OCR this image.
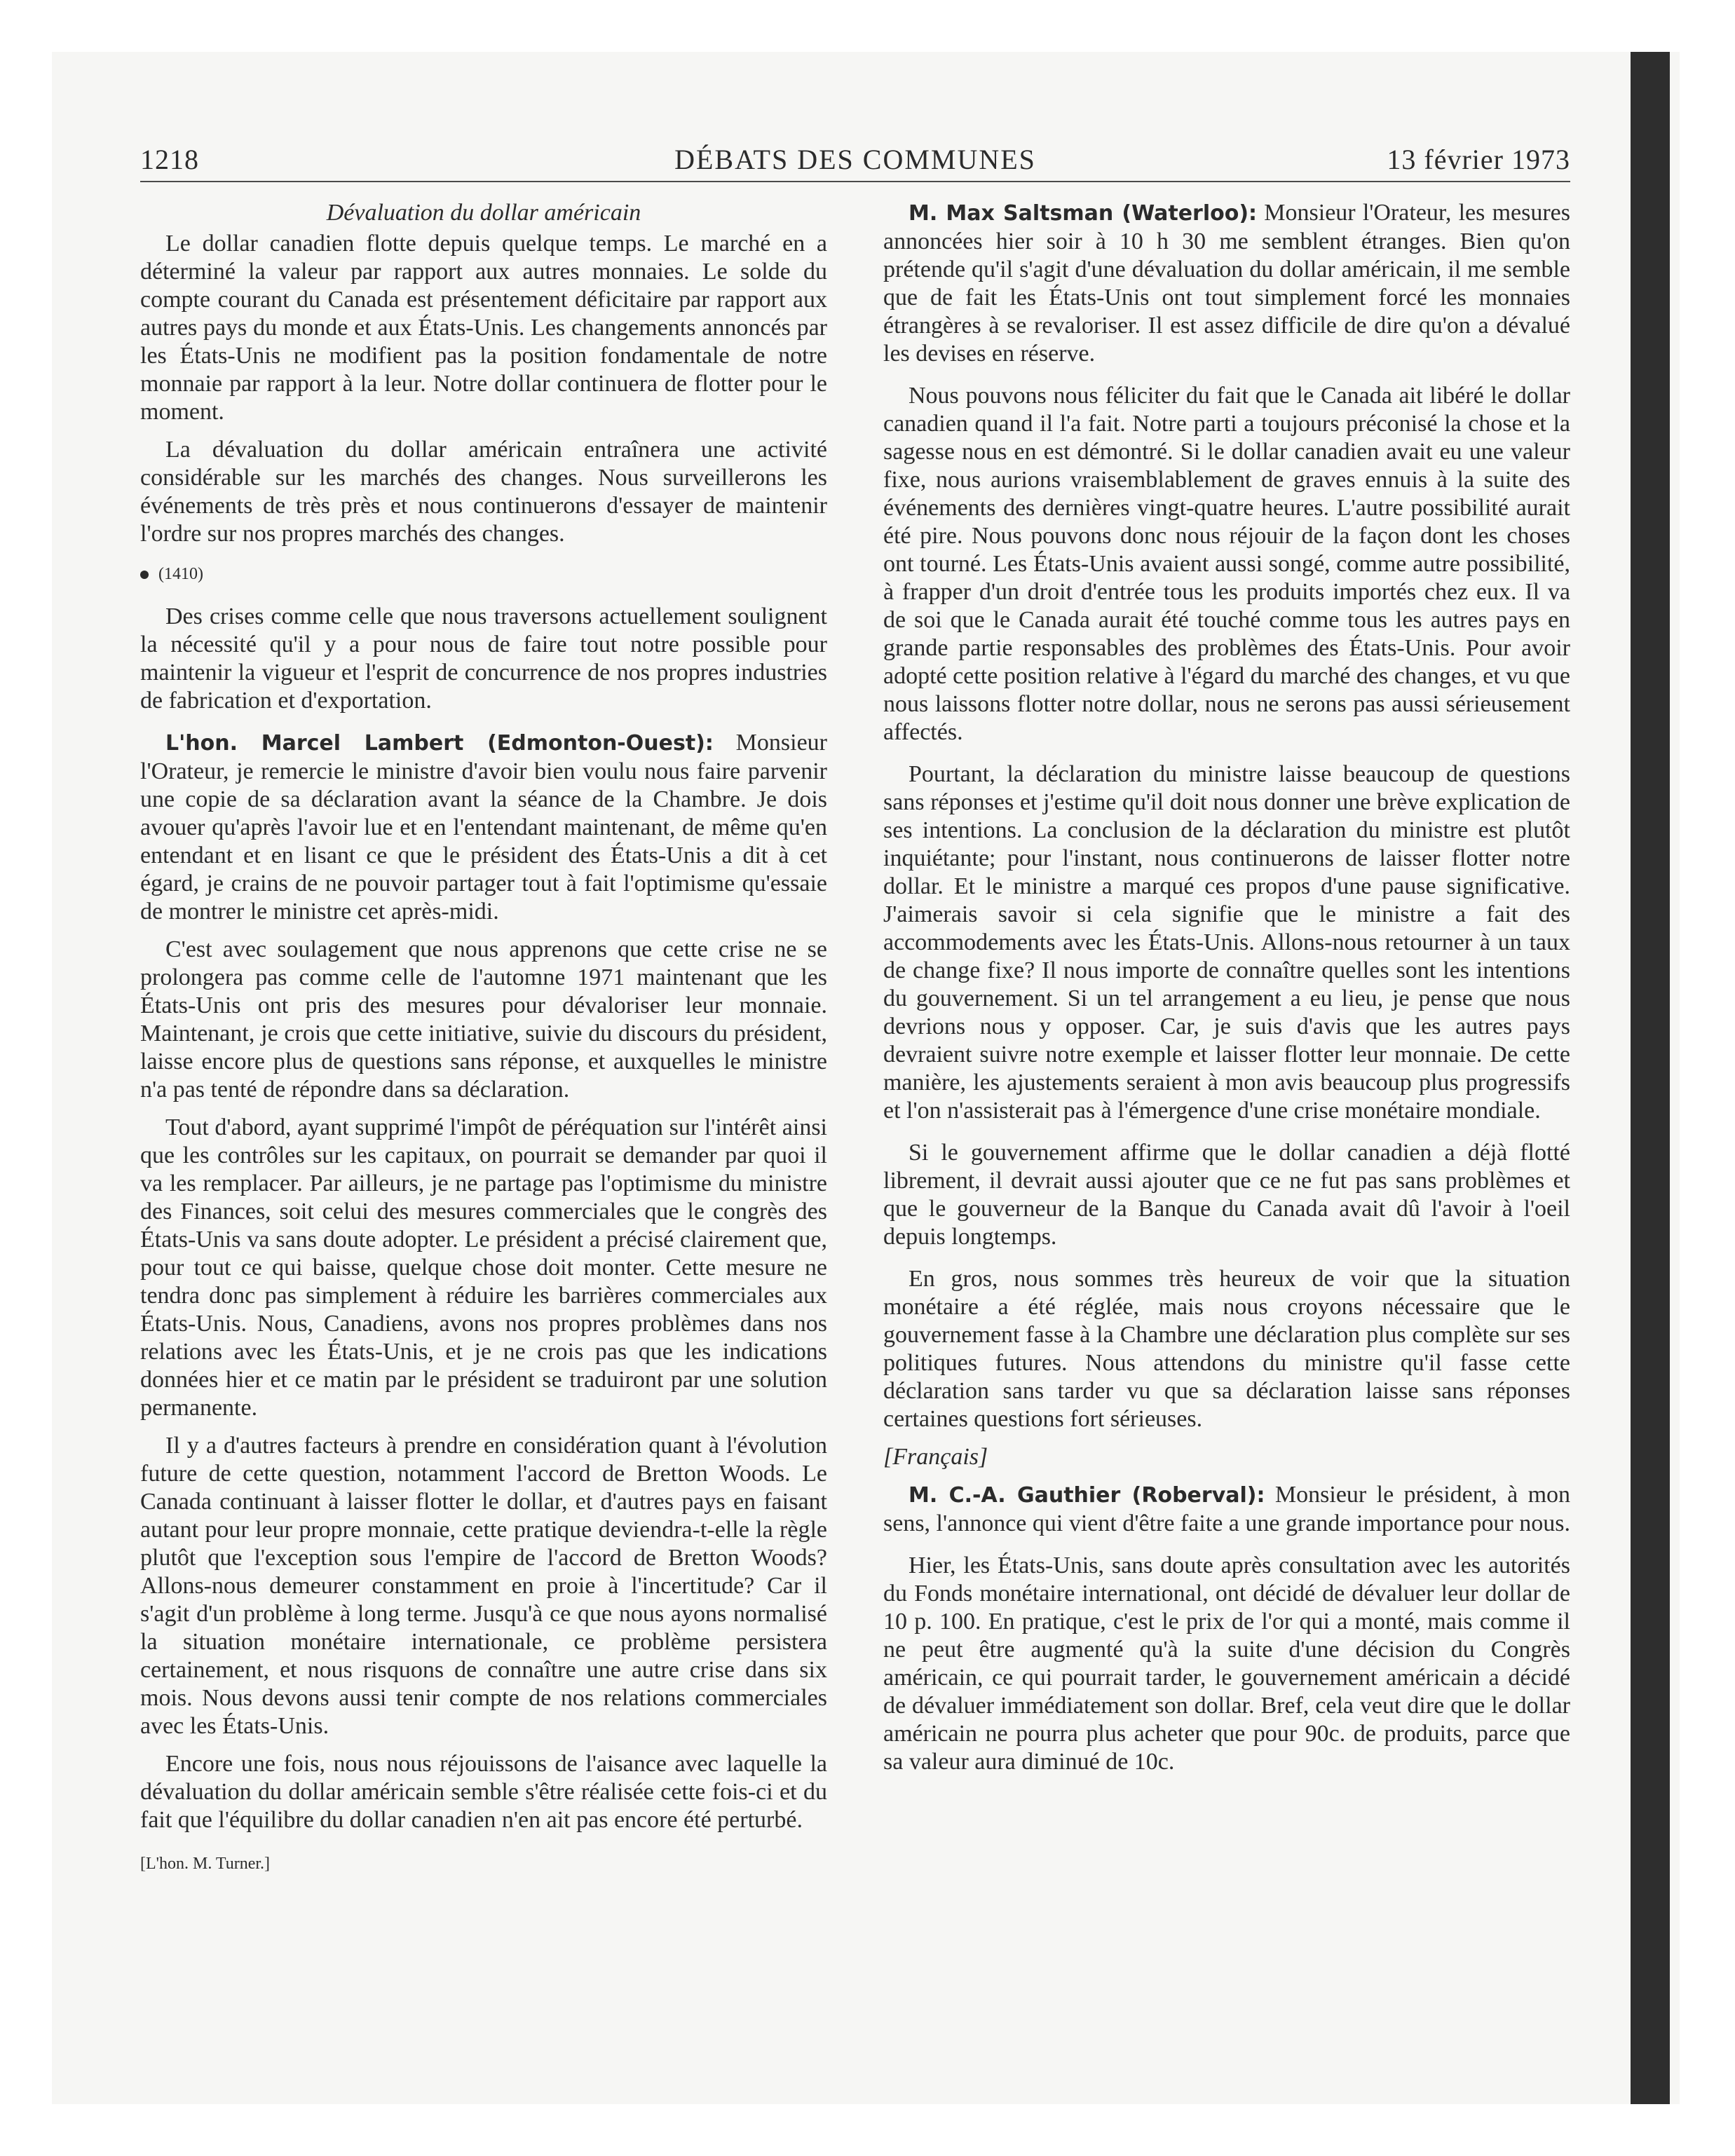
1218	DÉBATS DES COMMUNES	13 février 1973
Dévaluation du dollar américain

Le dollar canadien flotte depuis quelque temps. Le marché en a déterminé la valeur par rapport aux autres monnaies. Le solde du compte courant du Canada est présentement déficitaire par rapport aux autres pays du monde et aux États-Unis. Les changements annoncés par les États-Unis ne modifient pas la position fondamentale de notre monnaie par rapport à la leur. Notre dollar continuera de flotter pour le moment.

La dévaluation du dollar américain entraînera une activité considérable sur les marchés des changes. Nous surveillerons les événements de très près et nous continuerons d'essayer de maintenir l'ordre sur nos propres marchés des changes.

(1410)

Des crises comme celle que nous traversons actuellement soulignent la nécessité qu'il y a pour nous de faire tout notre possible pour maintenir la vigueur et l'esprit de concurrence de nos propres industries de fabrication et d'exportation.

L'hon. Marcel Lambert (Edmonton-Ouest): Monsieur l'Orateur, je remercie le ministre d'avoir bien voulu nous faire parvenir une copie de sa déclaration avant la séance de la Chambre. Je dois avouer qu'après l'avoir lue et en l'entendant maintenant, de même qu'en entendant et en lisant ce que le président des États-Unis a dit à cet égard, je crains de ne pouvoir partager tout à fait l'optimisme qu'essaie de montrer le ministre cet après-midi.

C'est avec soulagement que nous apprenons que cette crise ne se prolongera pas comme celle de l'automne 1971 maintenant que les États-Unis ont pris des mesures pour dévaloriser leur monnaie. Maintenant, je crois que cette initiative, suivie du discours du président, laisse encore plus de questions sans réponse, et auxquelles le ministre n'a pas tenté de répondre dans sa déclaration.

Tout d'abord, ayant supprimé l'impôt de péréquation sur l'intérêt ainsi que les contrôles sur les capitaux, on pourrait se demander par quoi il va les remplacer. Par ailleurs, je ne partage pas l'optimisme du ministre des Finances, soit celui des mesures commerciales que le congrès des États-Unis va sans doute adopter. Le président a précisé clairement que, pour tout ce qui baisse, quelque chose doit monter. Cette mesure ne tendra donc pas simplement à réduire les barrières commerciales aux États-Unis. Nous, Canadiens, avons nos propres problèmes dans nos relations avec les États-Unis, et je ne crois pas que les indications données hier et ce matin par le président se traduiront par une solution permanente.

Il y a d'autres facteurs à prendre en considération quant à l'évolution future de cette question, notamment l'accord de Bretton Woods. Le Canada continuant à laisser flotter le dollar, et d'autres pays en faisant autant pour leur propre monnaie, cette pratique deviendra-t-elle la règle plutôt que l'exception sous l'empire de l'accord de Bretton Woods? Allons-nous demeurer constamment en proie à l'incertitude? Car il s'agit d'un problème à long terme. Jusqu'à ce que nous ayons normalisé la situation monétaire internationale, ce problème persistera certainement, et nous risquons de connaître une autre crise dans six mois. Nous devons aussi tenir compte de nos relations commerciales avec les États-Unis.

Encore une fois, nous nous réjouissons de l'aisance avec laquelle la dévaluation du dollar américain semble s'être réalisée cette fois-ci et du fait que l'équilibre du dollar canadien n'en ait pas encore été perturbé.

[L'hon. M. Turner.]

M. Max Saltsman (Waterloo): Monsieur l'Orateur, les mesures annoncées hier soir à 10 h 30 me semblent étranges. Bien qu'on prétende qu'il s'agit d'une dévaluation du dollar américain, il me semble que de fait les États-Unis ont tout simplement forcé les monnaies étrangères à se revaloriser. Il est assez difficile de dire qu'on a dévalué les devises en réserve.

Nous pouvons nous féliciter du fait que le Canada ait libéré le dollar canadien quand il l'a fait. Notre parti a toujours préconisé la chose et la sagesse nous en est démontré. Si le dollar canadien avait eu une valeur fixe, nous aurions vraisemblablement de graves ennuis à la suite des événements des dernières vingt-quatre heures. L'autre possibilité aurait été pire. Nous pouvons donc nous réjouir de la façon dont les choses ont tourné. Les États-Unis avaient aussi songé, comme autre possibilité, à frapper d'un droit d'entrée tous les produits importés chez eux. Il va de soi que le Canada aurait été touché comme tous les autres pays en grande partie responsables des problèmes des États-Unis. Pour avoir adopté cette position relative à l'égard du marché des changes, et vu que nous laissons flotter notre dollar, nous ne serons pas aussi sérieusement affectés.

Pourtant, la déclaration du ministre laisse beaucoup de questions sans réponses et j'estime qu'il doit nous donner une brève explication de ses intentions. La conclusion de la déclaration du ministre est plutôt inquiétante; pour l'instant, nous continuerons de laisser flotter notre dollar. Et le ministre a marqué ces propos d'une pause significative. J'aimerais savoir si cela signifie que le ministre a fait des accommodements avec les États-Unis. Allons-nous retourner à un taux de change fixe? Il nous importe de connaître quelles sont les intentions du gouvernement. Si un tel arrangement a eu lieu, je pense que nous devrions nous y opposer. Car, je suis d'avis que les autres pays devraient suivre notre exemple et laisser flotter leur monnaie. De cette manière, les ajustements seraient à mon avis beaucoup plus progressifs et l'on n'assisterait pas à l'émergence d'une crise monétaire mondiale.

Si le gouvernement affirme que le dollar canadien a déjà flotté librement, il devrait aussi ajouter que ce ne fut pas sans problèmes et que le gouverneur de la Banque du Canada avait dû l'avoir à l'oeil depuis longtemps.

En gros, nous sommes très heureux de voir que la situation monétaire a été réglée, mais nous croyons nécessaire que le gouvernement fasse à la Chambre une déclaration plus complète sur ses politiques futures. Nous attendons du ministre qu'il fasse cette déclaration sans tarder vu que sa déclaration laisse sans réponses certaines questions fort sérieuses.

[Français]

M. C.-A. Gauthier (Roberval): Monsieur le président, à mon sens, l'annonce qui vient d'être faite a une grande importance pour nous.

Hier, les États-Unis, sans doute après consultation avec les autorités du Fonds monétaire international, ont décidé de dévaluer leur dollar de 10 p. 100. En pratique, c'est le prix de l'or qui a monté, mais comme il ne peut être augmenté qu'à la suite d'une décision du Congrès américain, ce qui pourrait tarder, le gouvernement américain a décidé de dévaluer immédiatement son dollar. Bref, cela veut dire que le dollar américain ne pourra plus acheter que pour 90c. de produits, parce que sa valeur aura diminué de 10c.
